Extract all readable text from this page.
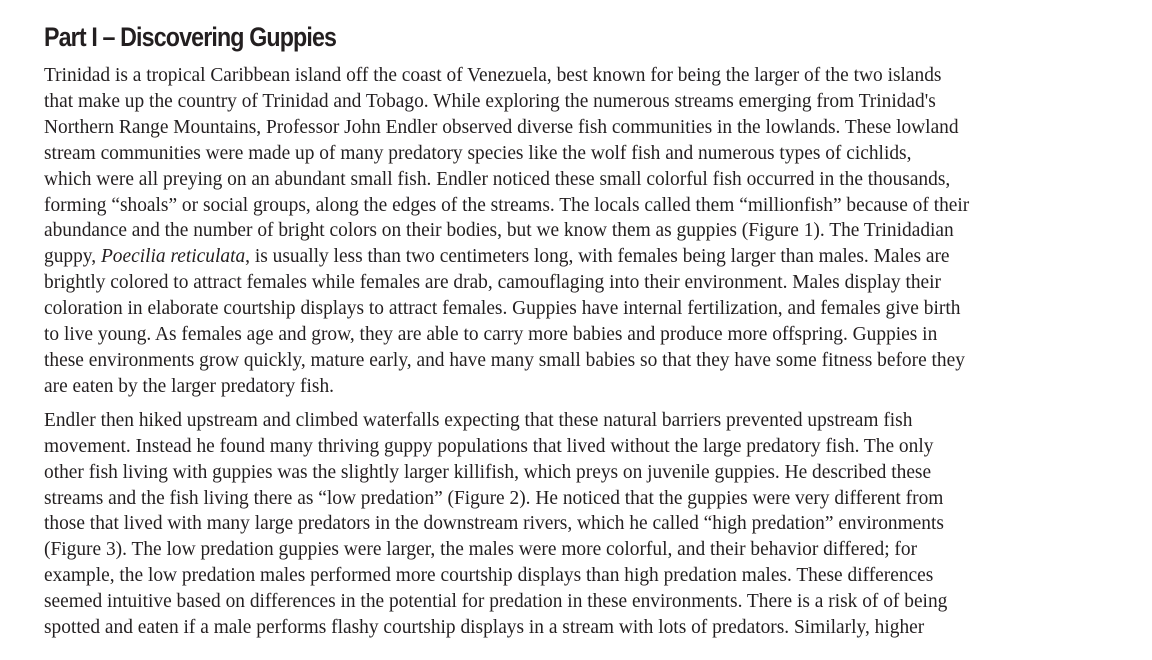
Part I – Discovering Guppies

Trinidad is a tropical Caribbean island off the coast of Venezuela, best known for being the larger of the two islands
that make up the country of Trinidad and Tobago. While exploring the numerous streams emerging from Trinidad's
Northern Range Mountains, Professor John Endler observed diverse fish communities in the lowlands. These lowland
stream communities were made up of many predatory species like the wolf fish and numerous types of cichlids,
which were all preying on an abundant small fish. Endler noticed these small colorful fish occurred in the thousands,
forming “shoals” or social groups, along the edges of the streams. The locals called them “millionfish” because of their
abundance and the number of bright colors on their bodies, but we know them as guppies (Figure 1). The Trinidadian
guppy, Poecilia reticulata, is usually less than two centimeters long, with females being larger than males. Males are
brightly colored to attract females while females are drab, camouflaging into their environment. Males display their
coloration in elaborate courtship displays to attract females. Guppies have internal fertilization, and females give birth
to live young. As females age and grow, they are able to carry more babies and produce more offspring. Guppies in
these environments grow quickly, mature early, and have many small babies so that they have some fitness before they
are eaten by the larger predatory fish.

Endler then hiked upstream and climbed waterfalls expecting that these natural barriers prevented upstream fish
movement. Instead he found many thriving guppy populations that lived without the large predatory fish. The only
other fish living with guppies was the slightly larger killifish, which preys on juvenile guppies. He described these
streams and the fish living there as “low predation” (Figure 2). He noticed that the guppies were very different from
those that lived with many large predators in the downstream rivers, which he called “high predation” environments
(Figure 3). The low predation guppies were larger, the males were more colorful, and their behavior differed; for
example, the low predation males performed more courtship displays than high predation males. These differences
seemed intuitive based on differences in the potential for predation in these environments. There is a risk of of being
spotted and eaten if a male performs flashy courtship displays in a stream with lots of predators. Similarly, higher
